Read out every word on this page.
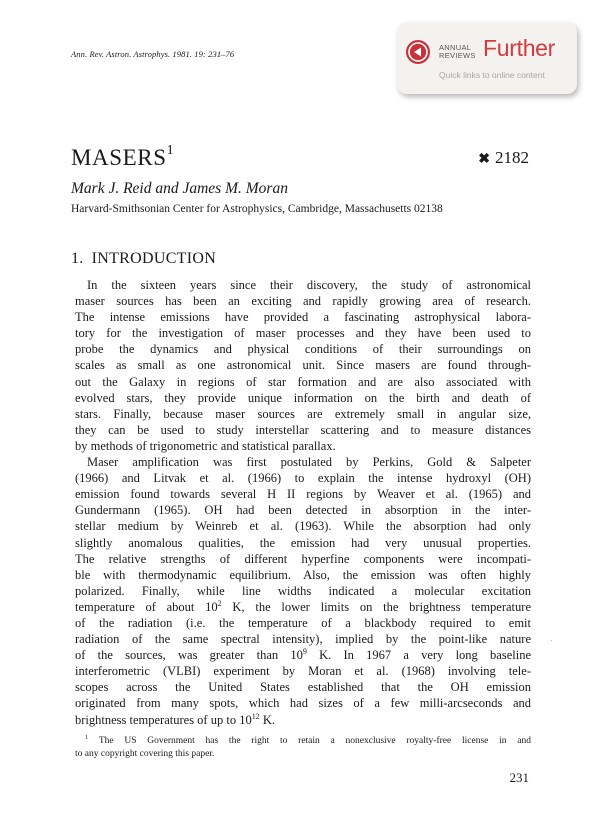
Ann. Rev. Astron. Astrophys. 1981. 19: 231–76
ANNUAL
REVIEWS Further
Quick links to online content
MASERS$^1$
✖ 2182
Mark J. Reid and James M. Moran
Harvard-Smithsonian Center for Astrophysics, Cambridge, Massachusetts 02138
1. INTRODUCTION
In the sixteen years since their discovery, the study of astronomical
maser sources has been an exciting and rapidly growing area of research.
The intense emissions have provided a fascinating astrophysical labora-
tory for the investigation of maser processes and they have been used to
probe the dynamics and physical conditions of their surroundings on
scales as small as one astronomical unit. Since masers are found through-
out the Galaxy in regions of star formation and are also associated with
evolved stars, they provide unique information on the birth and death of
stars. Finally, because maser sources are extremely small in angular size,
they can be used to study interstellar scattering and to measure distances
by methods of trigonometric and statistical parallax.
Maser amplification was first postulated by Perkins, Gold & Salpeter
(1966) and Litvak et al. (1966) to explain the intense hydroxyl (OH)
emission found towards several H II regions by Weaver et al. (1965) and
Gundermann (1965). OH had been detected in absorption in the inter-
stellar medium by Weinreb et al. (1963). While the absorption had only
slightly anomalous qualities, the emission had very unusual properties.
The relative strengths of different hyperfine components were incompati-
ble with thermodynamic equilibrium. Also, the emission was often highly
polarized. Finally, while line widths indicated a molecular excitation
temperature of about $10^2$ K, the lower limits on the brightness temperature
of the radiation (i.e. the temperature of a blackbody required to emit
radiation of the same spectral intensity), implied by the point-like nature
of the sources, was greater than $10^9$ K. In 1967 a very long baseline
interferometric (VLBI) experiment by Moran et al. (1968) involving tele-
scopes across the United States established that the OH emission
originated from many spots, which had sizes of a few milli-arcseconds and
brightness temperatures of up to $10^{12}$ K.
$^1$ The US Government has the right to retain a nonexclusive royalty-free license in and
to any copyright covering this paper.
231
